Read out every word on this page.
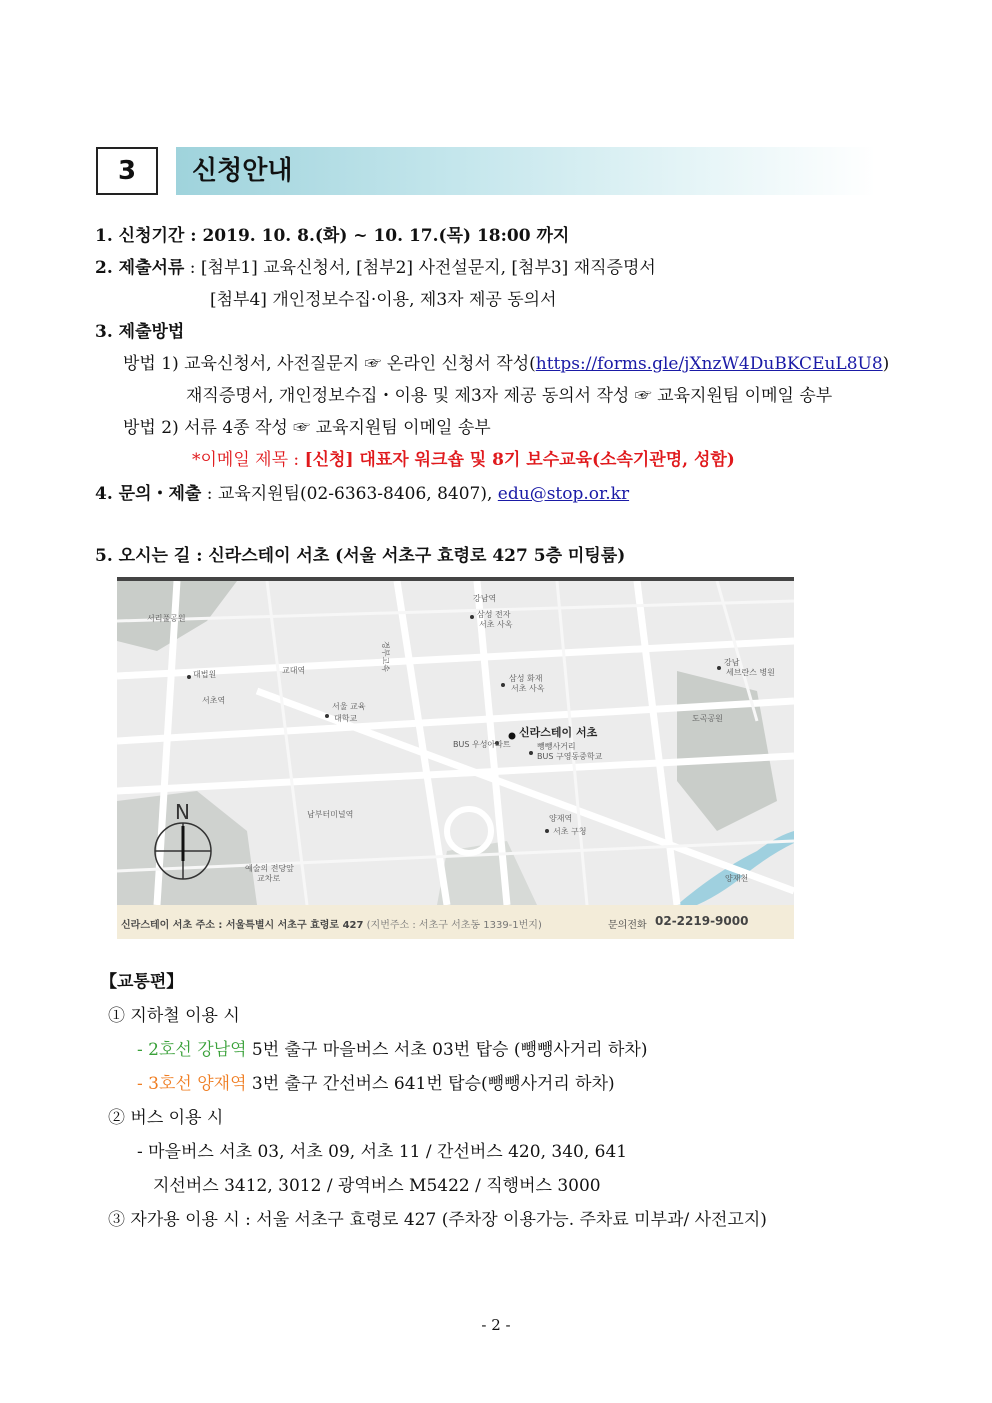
3	신청안내
1. 신청기간 : 2019. 10. 8.(화) ~ 10. 17.(목) 18:00 까지
2. 제출서류 : [첨부1] 교육신청서, [첨부2] 사전설문지, [첨부3] 재직증명서
[첨부4] 개인정보수집·이용, 제3자 제공 동의서
3. 제출방법
방법 1) 교육신청서, 사전질문지 ☞ 온라인 신청서 작성(https://forms.gle/jXnzW4DuBKCEuL8U8)
재직증명서, 개인정보수집・이용 및 제3자 제공 동의서 작성 ☞ 교육지원팀 이메일 송부
방법 2) 서류 4종 작성 ☞ 교육지원팀 이메일 송부
*이메일 제목 : [신청] 대표자 워크숍 및 8기 보수교육(소속기관명, 성함)
4. 문의・제출 : 교육지원팀(02-6363-8406, 8407), edu@stop.or.kr
5. 오시는 길 : 신라스테이 서초 (서울 서초구 효령로 427 5층 미팅룸)
서리풀공원
강남역
삼성 전자
서초 사옥
교대역
대법원
서초역
서울 교육
대학교
삼성 화재
서초 사옥
강남
세브란스 병원
도곡공원
신라스테이 서초
BUS 우성아파트	뺑뺑사거리
BUS 구영동중학교
경부고속
남부터미널역	양재역
서초 구청
예술의 전당앞
교차로	양재천
N
신라스테이 서초 주소 : 서울특별시 서초구 효령로 427 (지번주소 : 서초구 서초동 1339-1번지)	문의전화 02-2219-9000
【교통편】
① 지하철 이용 시
- 2호선 강남역 5번 출구 마을버스 서초 03번 탑승 (뺑뺑사거리 하차)
- 3호선 양재역 3번 출구 간선버스 641번 탑승(뺑뺑사거리 하차)
② 버스 이용 시
- 마을버스 서초 03, 서초 09, 서초 11 / 간선버스 420, 340, 641
지선버스 3412, 3012 / 광역버스 M5422 / 직행버스 3000
③ 자가용 이용 시 : 서울 서초구 효령로 427 (주차장 이용가능. 주차료 미부과/ 사전고지)
- 2 -
